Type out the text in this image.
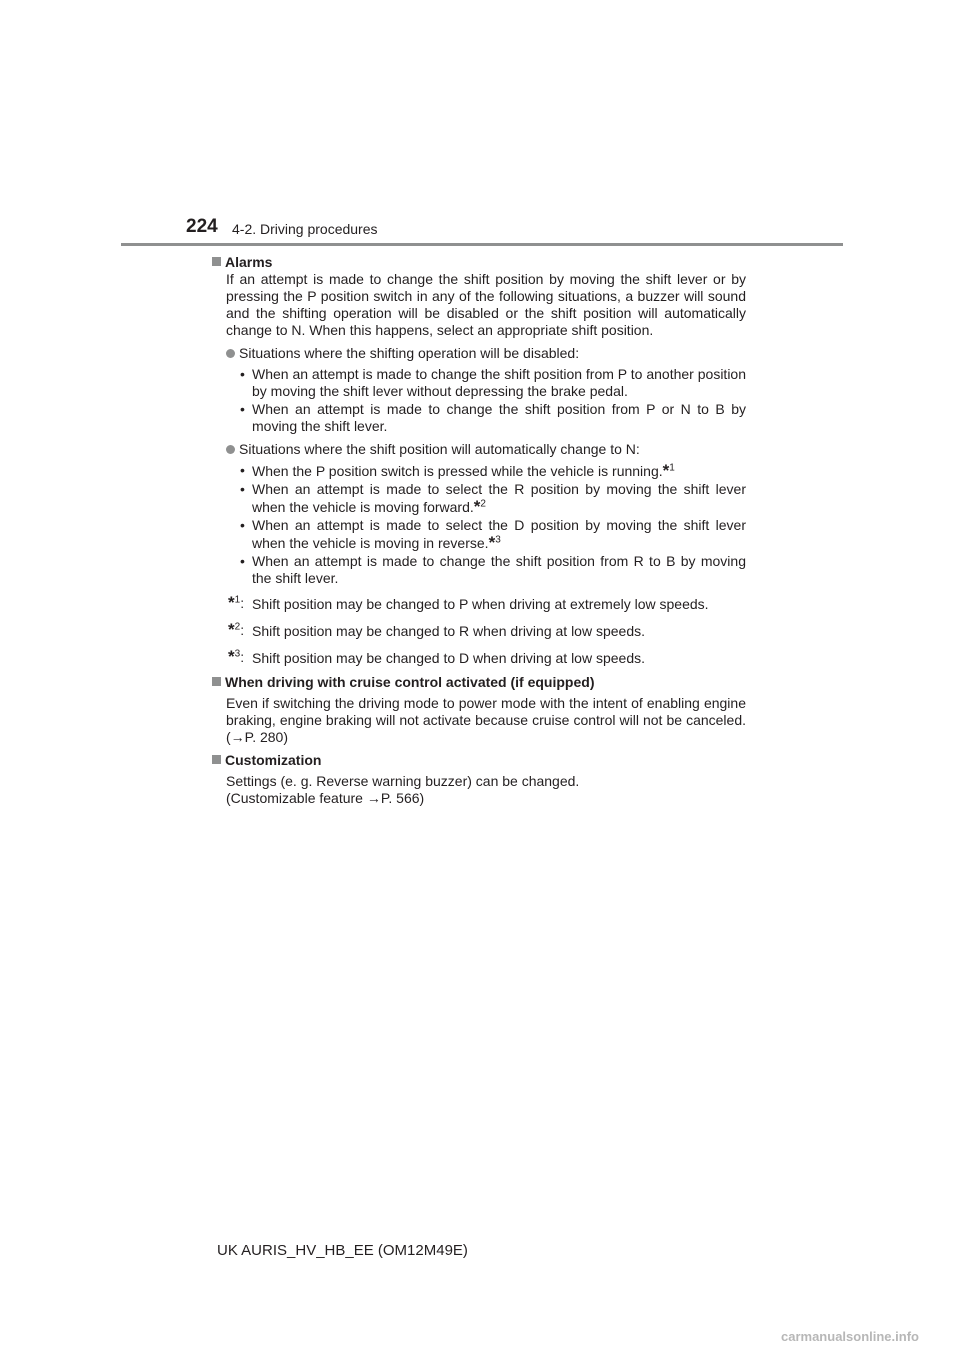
224 4-2. Driving procedures
Alarms
If an attempt is made to change the shift position by moving the shift lever or by pressing the P position switch in any of the following situations, a buzzer will sound and the shifting operation will be disabled or the shift position will automatically change to N. When this happens, select an appropriate shift position.
Situations where the shifting operation will be disabled:
• When an attempt is made to change the shift position from P to another position by moving the shift lever without depressing the brake pedal.
• When an attempt is made to change the shift position from P or N to B by moving the shift lever.
Situations where the shift position will automatically change to N:
• When the P position switch is pressed while the vehicle is running.*$^1$
• When an attempt is made to select the R position by moving the shift lever when the vehicle is moving forward.*$^2$
• When an attempt is made to select the D position by moving the shift lever when the vehicle is moving in reverse.*$^3$
• When an attempt is made to change the shift position from R to B by moving the shift lever.
*$^1$: Shift position may be changed to P when driving at extremely low speeds.
*$^2$: Shift position may be changed to R when driving at low speeds.
*$^3$: Shift position may be changed to D when driving at low speeds.
When driving with cruise control activated (if equipped)
Even if switching the driving mode to power mode with the intent of enabling engine braking, engine braking will not activate because cruise control will not be canceled. (→P. 280)
Customization
Settings (e. g. Reverse warning buzzer) can be changed.
(Customizable feature →P. 566)
UK AURIS_HV_HB_EE (OM12M49E)
carmanualsonline.info
